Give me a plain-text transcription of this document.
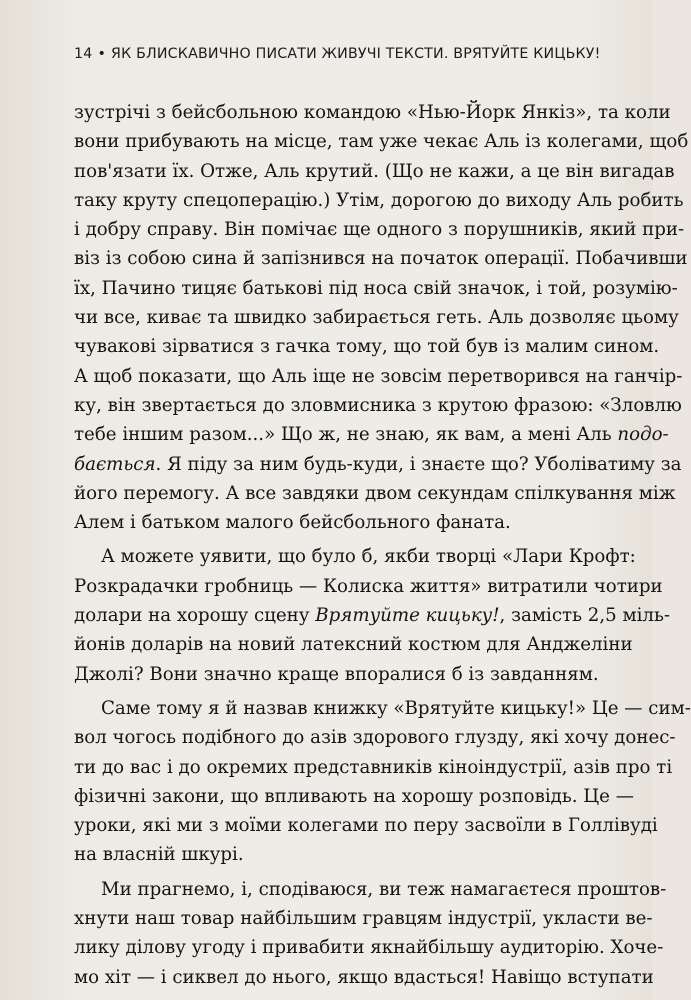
14 • ЯК БЛИСКАВИЧНО ПИСАТИ ЖИВУЧІ ТЕКСТИ. ВРЯТУЙТЕ КИЦЬКУ!
зустрічі з бейсбольною командою «Нью-Йорк Янкіз», та коли
вони прибувають на місце, там уже чекає Аль із колегами, щоб
пов'язати їх. Отже, Аль крутий. (Що не кажи, а це він вигадав
таку круту спецоперацію.) Утім, дорогою до виходу Аль робить
і добру справу. Він помічає ще одного з порушників, який при-
віз із собою сина й запізнився на початок операції. Побачивши
їх, Пачино тицяє батькові під носа свій значок, і той, розумію-
чи все, киває та швидко забирається геть. Аль дозволяє цьому
чувакові зірватися з гачка тому, що той був із малим сином.
А щоб показати, що Аль іще не зовсім перетворився на ганчір-
ку, він звертається до зловмисника з крутою фразою: «Зловлю
тебе іншим разом...» Що ж, не знаю, як вам, а мені Аль подо-
бається. Я піду за ним будь-куди, і знаєте що? Уболіватиму за
його перемогу. А все завдяки двом секундам спілкування між
Алем і батьком малого бейсбольного фаната.
А можете уявити, що було б, якби творці «Лари Крофт:
Розкрадачки гробниць — Колиска життя» витратили чотири
долари на хорошу сцену Врятуйте кицьку!, замість 2,5 міль-
йонів доларів на новий латексний костюм для Анджеліни
Джолі? Вони значно краще впоралися б із завданням.
Саме тому я й назвав книжку «Врятуйте кицьку!» Це — сим-
вол чогось подібного до азів здорового глузду, які хочу донес-
ти до вас і до окремих представників кіноіндустрії, азів про ті
фізичні закони, що впливають на хорошу розповідь. Це —
уроки, які ми з моїми колегами по перу засвоїли в Голлівуді
на власній шкурі.
Ми прагнемо, і, сподіваюся, ви теж намагаєтеся проштов-
хнути наш товар найбільшим гравцям індустрії, укласти ве-
лику ділову угоду і привабити якнайбільшу аудиторію. Хоче-
мо хіт — і сиквел до нього, якщо вдасться! Навіщо вступати
